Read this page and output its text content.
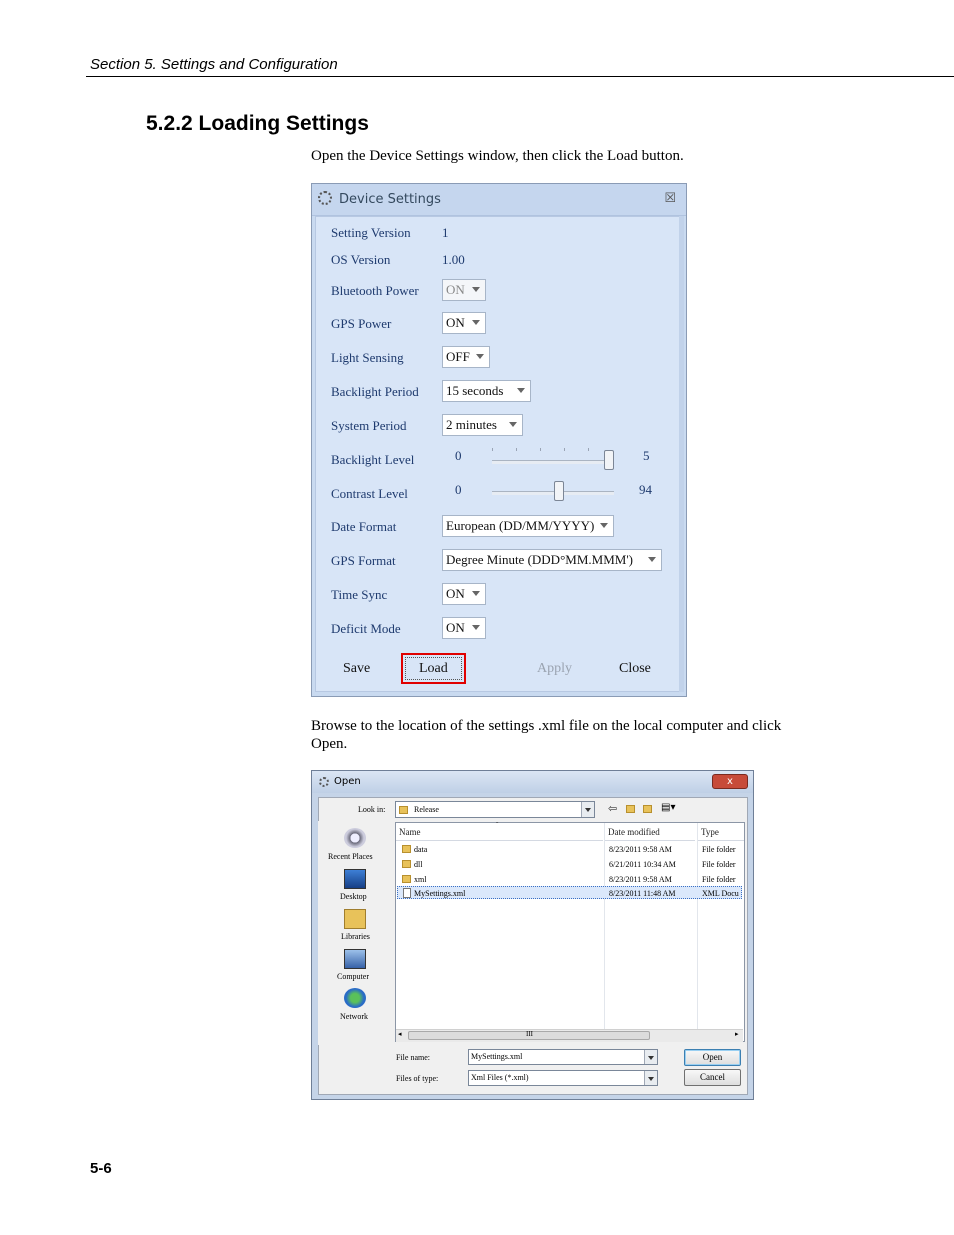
Section 5. Settings and Configuration
5.2.2 Loading Settings
Open the Device Settings window, then click the Load button.
Device Settings	☒
Setting Version 1
OS Version	1.00
Bluetooth Power	ON
GPS Power	ON
Light Sensing	OFF
Backlight Period	15 seconds
System Period	2 minutes
Backlight Level	0	5
Contrast Level	0	94
Date Format	European (DD/MM/YYYY)
GPS Format	Degree Minute (DDD°MM.MMM')
Time Sync	ON
Deficit Mode	ON
Save	Load	Apply	Close
Browse to the location of the settings .xml file on the local computer and click
Open.
Open	x
Look in:	Release	⇦	▤▾
Recent Places
Desktop
Libraries
Computer
Network
Name
ˆ
Date modified	Type
data	8/23/2011 9:58 AM	File folder
dll	6/21/2011 10:34 AM	File folder
xml	8/23/2011 9:58 AM	File folder
MySettings.xml	8/23/2011 11:48 AM	XML Docu
◂	III	▸
File name:	MySettings.xml
Files of type:	Xml Files (*.xml)
Open
Cancel
5-6
